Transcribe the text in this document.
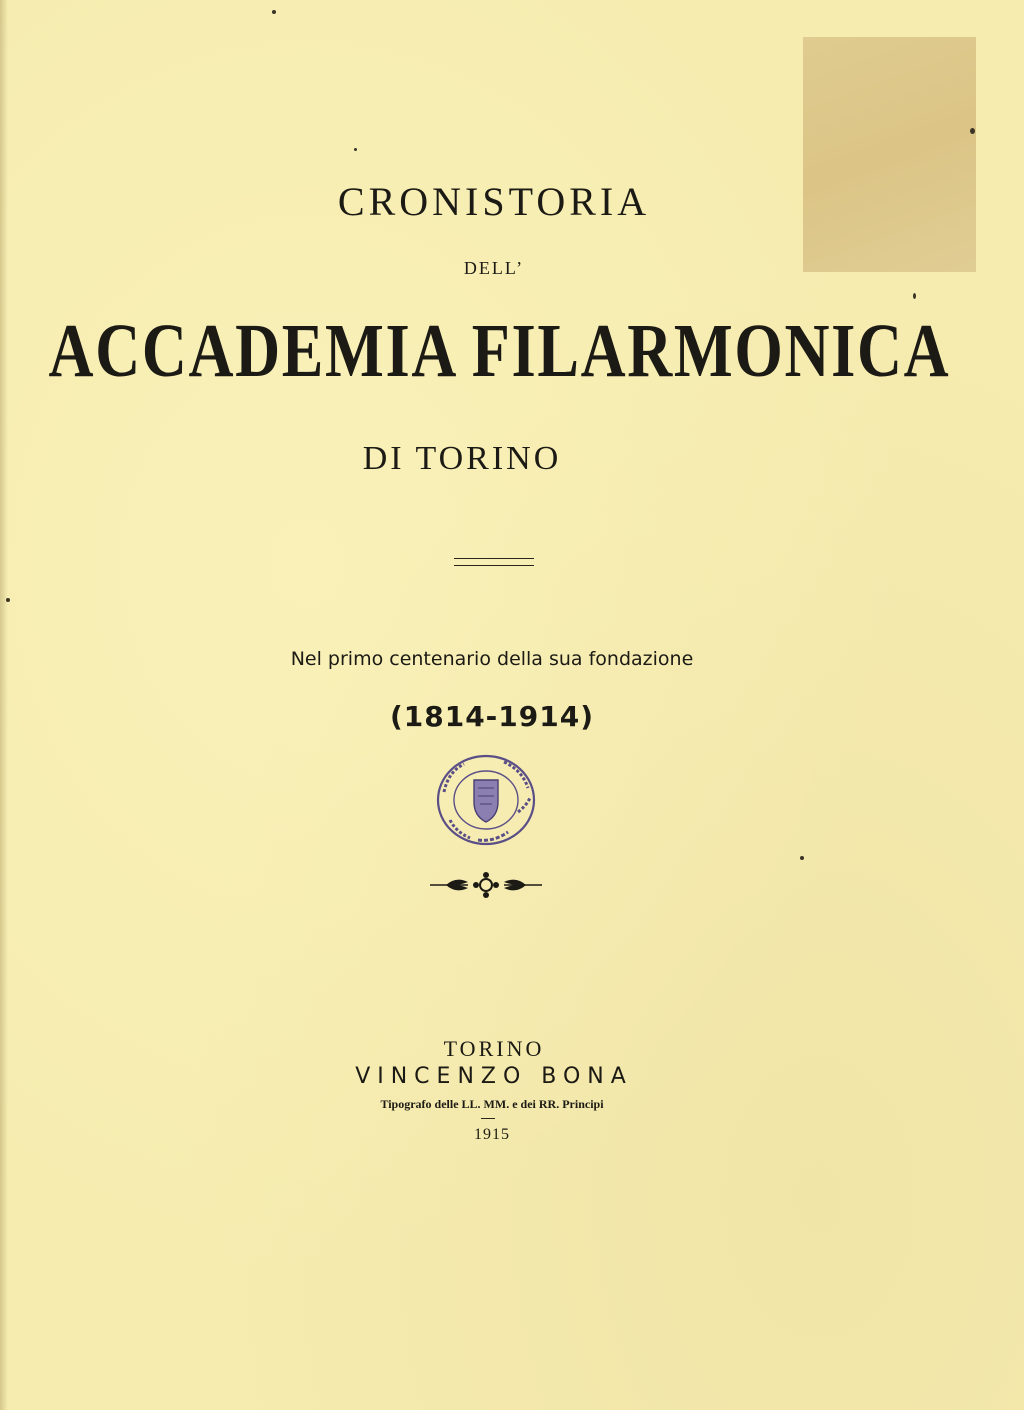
CRONISTORIA
DELL’
ACCADEMIA FILARMONICA
DI TORINO
Nel primo centenario della sua fondazione
(1814-1914)
TORINO
VINCENZO BONA
Tipografo delle LL. MM. e dei RR. Principi
1915
